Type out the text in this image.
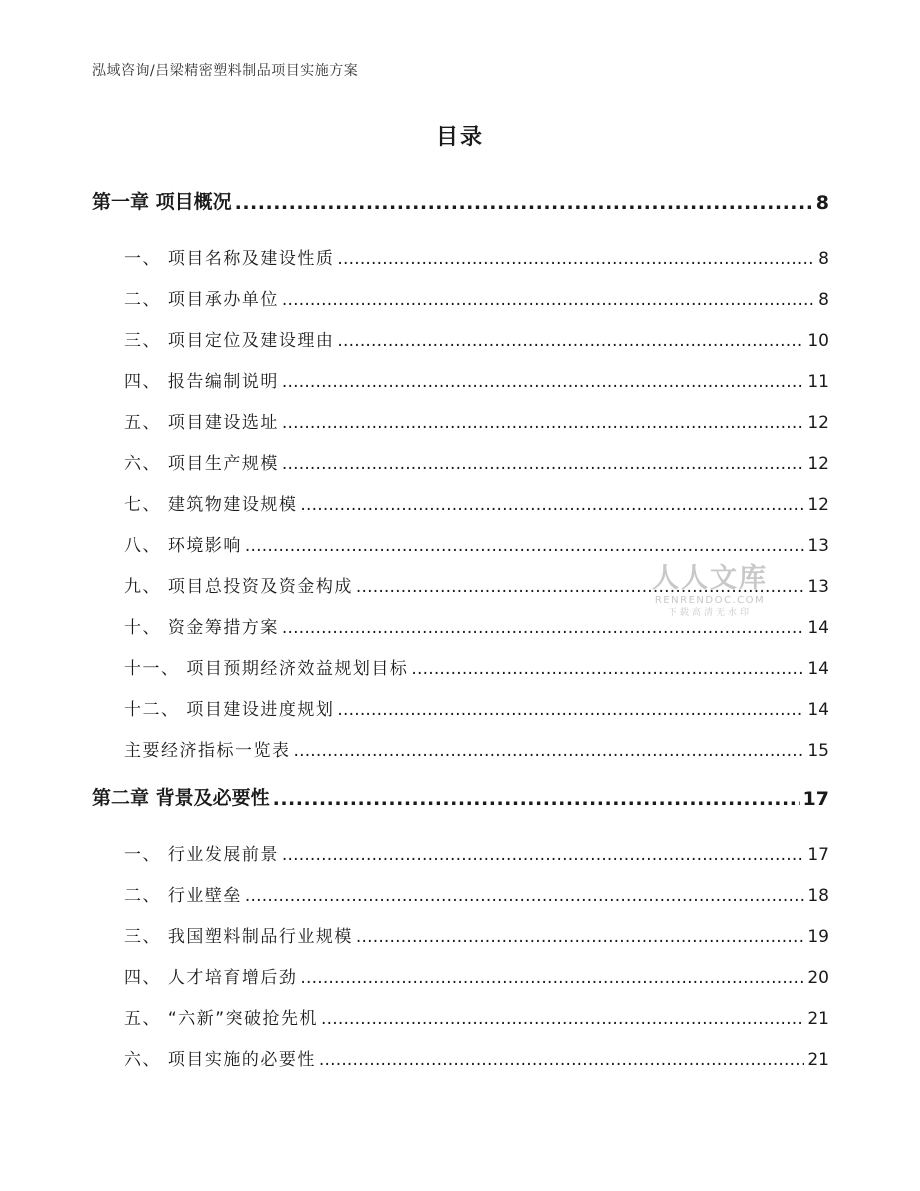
泓域咨询/吕梁精密塑料制品项目实施方案
目录
第一章 项目概况 .....	8
一、 项目名称及建设性质 .....	8
二、 项目承办单位 .....	8
三、 项目定位及建设理由 .....	10
四、 报告编制说明 .....	11
五、 项目建设选址 .....	12
六、 项目生产规模 .....	12
七、 建筑物建设规模 .....	12
八、 环境影响 .....	13
九、 项目总投资及资金构成 .....	13
十、 资金筹措方案 .....	14
十一、 项目预期经济效益规划目标 .....	14
十二、 项目建设进度规划 .....	14
主要经济指标一览表 .....	15
第二章 背景及必要性 .....	17
一、 行业发展前景 .....	17
二、 行业壁垒 .....	18
三、 我国塑料制品行业规模 .....	19
四、 人才培育增后劲 .....	20
五、 “六新”突破抢先机 .....	21
六、 项目实施的必要性 .....	21
人人文库
RENRENDOC.COM
下载高清无水印
